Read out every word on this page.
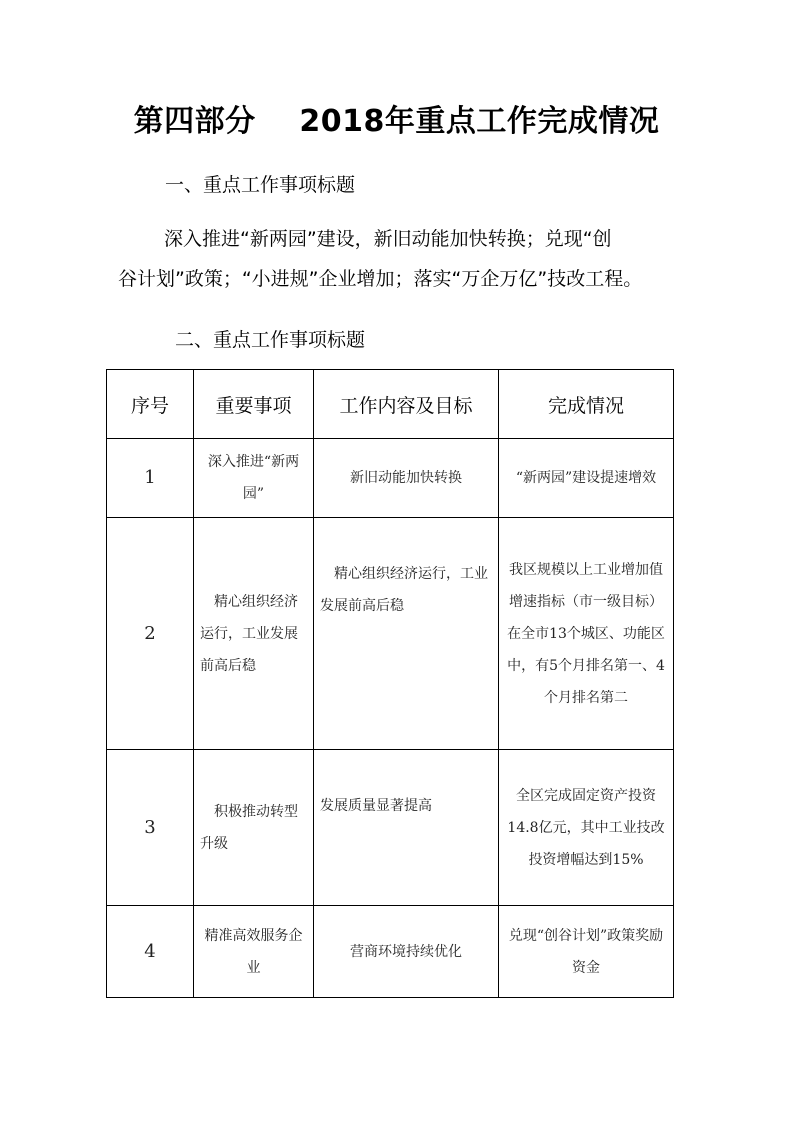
第四部分    2018年重点工作完成情况
一、重点工作事项标题
深入推进“新两园”建设，新旧动能加快转换；兑现“创
谷计划”政策；“小进规”企业增加；落实“万企万亿”技改工程。
二、重点工作事项标题
序号	重要事项	工作内容及目标	完成情况
1	深入推进“新两园”	新旧动能加快转换	“新两园”建设提速增效
2	精心组织经济运行，工业发展前高后稳	精心组织经济运行，工业发展前高后稳	我区规模以上工业增加值增速指标（市一级目标）在全市13个城区、功能区中，有5个月排名第一、4个月排名第二
3	积极推动转型升级	发展质量显著提高	全区完成固定资产投资14.8亿元，其中工业技改投资增幅达到15%
4	精准高效服务企业	营商环境持续优化	兑现“创谷计划”政策奖励资金
